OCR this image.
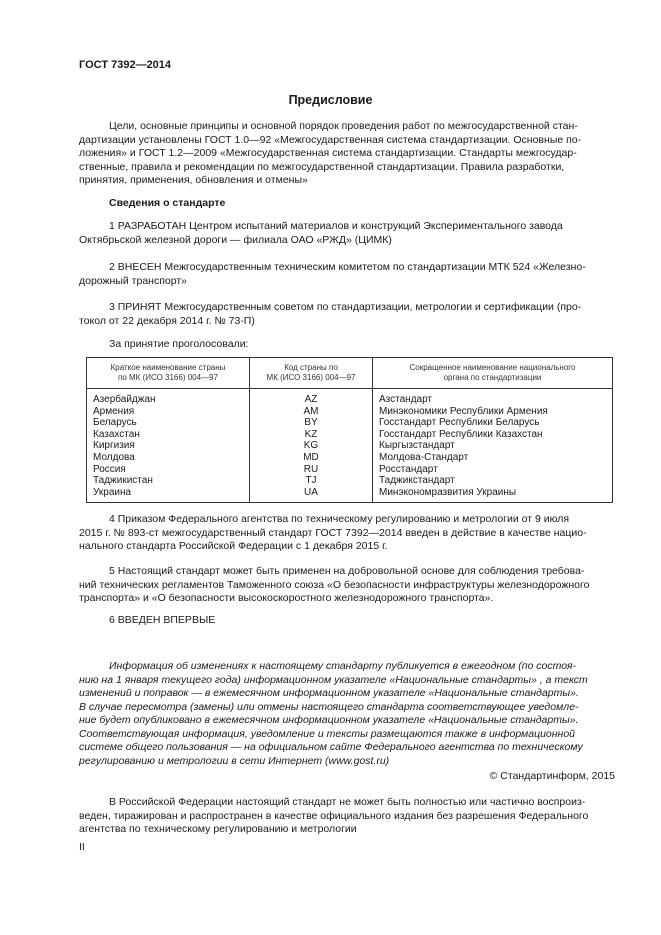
ГОСТ 7392—2014
Предисловие
Цели, основные принципы и основной порядок проведения работ по межгосударственной стан-
дартизации установлены ГОСТ 1.0—92 «Межгосударственная система стандартизации. Основные по-
ложения» и ГОСТ 1.2—2009 «Межгосударственная система стандартизации. Стандарты межгосудар-
ственные, правила и рекомендации по межгосударственной стандартизации. Правила разработки,
принятия, применения, обновления и отмены»
Сведения о стандарте
1 РАЗРАБОТАН Центром испытаний материалов и конструкций Экспериментального завода
Октябрьской железной дороги — филиала ОАО «РЖД» (ЦИМК)
2 ВНЕСЕН Межгосударственным техническим комитетом по стандартизации МТК 524 «Железно-
дорожный транспорт»
3 ПРИНЯТ Межгосударственным советом по стандартизации, метрологии и сертификации (про-
токол от 22 декабря 2014 г. № 73-П)
За принятие проголосовали:
Краткое наименование страны
по МК (ИСО 3166) 004—97	Код страны по
МК (ИСО 3166) 004—97	Сокращенное наименование национального
органа по стандартизации
Азербайджан	AZ	Азстандарт
Армения	AM	Минэкономики Республики Армения
Беларусь	BY	Госстандарт Республики Беларусь
Казахстан	KZ	Госстандарт Республики Казахстан
Киргизия	KG	Кыргызстандарт
Молдова	MD	Молдова-Стандарт
Россия	RU	Росстандарт
Таджикистан	TJ	Таджикстандарт
Украина	UA	Минэкономразвития Украины
4 Приказом Федерального агентства по техническому регулированию и метрологии от 9 июля
2015 г. № 893-ст межгосударственный стандарт ГОСТ 7392—2014 введен в действие в качестве нацио-
нального стандарта Российской Федерации с 1 декабря 2015 г.
5 Настоящий стандарт может быть применен на добровольной основе для соблюдения требова-
ний технических регламентов Таможенного союза «О безопасности инфраструктуры железнодорожного
транспорта» и «О безопасности высокоскоростного железнодорожного транспорта».
6 ВВЕДЕН ВПЕРВЫЕ
Информация об изменениях к настоящему стандарту публикуется в ежегодном (по состоя-
нию на 1 января текущего года) информационном указателе «Национальные стандарты» , а текст
изменений и поправок — в ежемесячном информационном указателе «Национальные стандарты».
В случае пересмотра (замены) или отмены настоящего стандарта соответствующее уведомле-
ние будет опубликовано в ежемесячном информационном указателе «Национальные стандарты».
Соответствующая информация, уведомление и тексты размещаются также в информационной
системе общего пользования — на официальном сайте Федерального агентства по техническому
регулированию и метрологии в сети Интернет (www.gost.ru)
© Стандартинформ, 2015
В Российской Федерации настоящий стандарт не может быть полностью или частично воспроиз-
веден, тиражирован и распространен в качестве официального издания без разрешения Федерального
агентства по техническому регулированию и метрологии
II
